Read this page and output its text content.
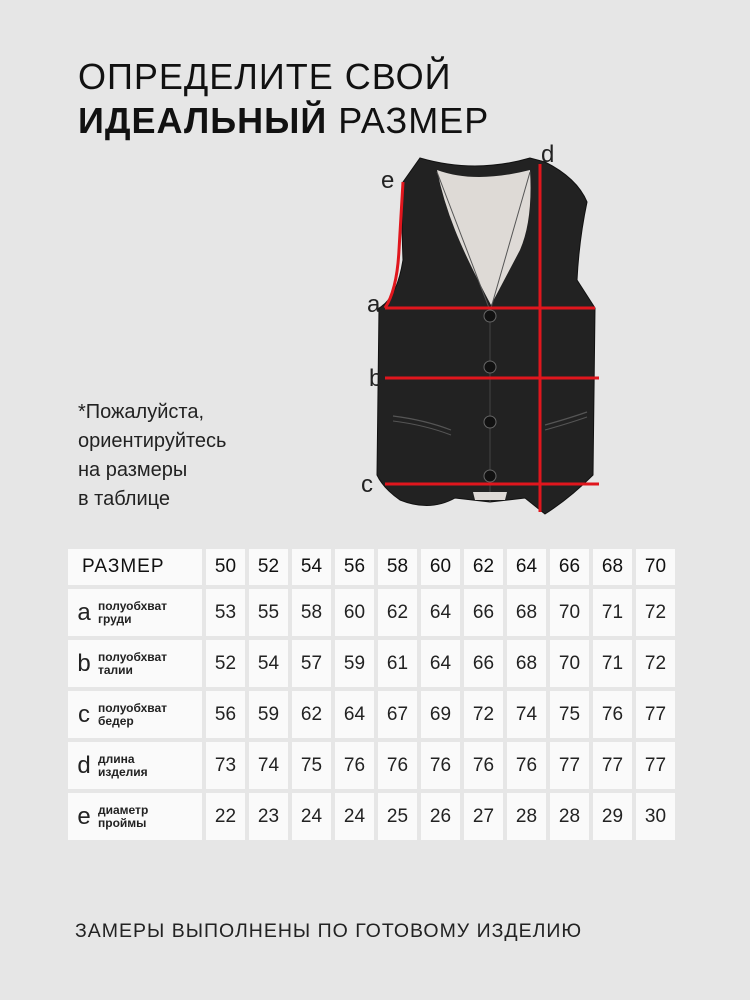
ОПРЕДЕЛИТЕ СВОЙ
ИДЕАЛЬНЫЙ РАЗМЕР
*Пожалуйста,
ориентируйтесь
на размеры
в таблице
a
b
c
d
e
РАЗМЕР	50	52	54	56	58	60	62	64	66	68	70

a полуобхват
груди	53	55	58	60	62	64	66	68	70	71	72

b полуобхват
талии	52	54	57	59	61	64	66	68	70	71	72

c полуобхват
бедер	56	59	62	64	67	69	72	74	75	76	77

d длина
изделия	73	74	75	76	76	76	76	76	77	77	77

e диаметр
проймы	22	23	24	24	25	26	27	28	28	29	30
ЗАМЕРЫ ВЫПОЛНЕНЫ ПО ГОТОВОМУ ИЗДЕЛИЮ
